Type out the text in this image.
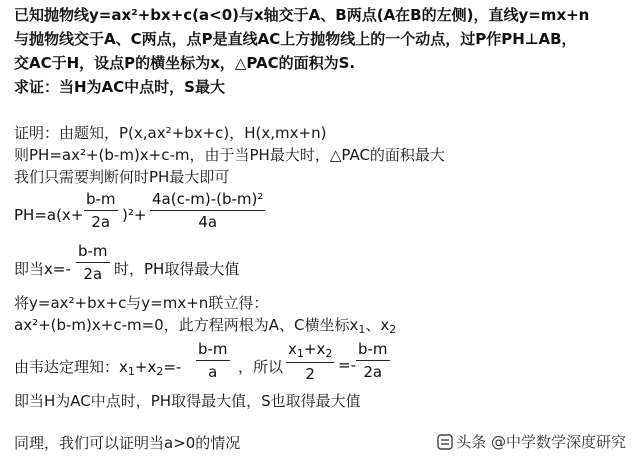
已知抛物线y=ax²+bx+c(a<0)与x轴交于A、B两点(A在B的左侧)，直线y=mx+n
与抛物线交于A、C两点，点P是直线AC上方抛物线上的一个动点，过P作PH⊥AB，
交AC于H，设点P的横坐标为x，△PAC的面积为S.
求证：当H为AC中点时，S最大
证明：由题知，P(x,ax²+bx+c)，H(x,mx+n)
则PH=ax²+(b-m)x+c-m，由于当PH最大时，△PAC的面积最大
我们只需要判断何时PH最大即可
PH=a(x+
b-m
2a )²+
4a(c-m)-(b-m)²
4a
即当x=-
b-m
2a 时，PH取得最大值
将y=ax²+bx+c与y=mx+n联立得：
ax²+(b-m)x+c-m=0，此方程两根为A、C横坐标$x_1$、$x_2$
由韦达定理知：$x_1+x_2=-$
b-m
a ，所以
$x_1+x_2$
2 =-
b-m
2a
即当H为AC中点时，PH取得最大值，S也取得最大值
同理，我们可以证明当a>0的情况	头条 @中学数学深度研究
